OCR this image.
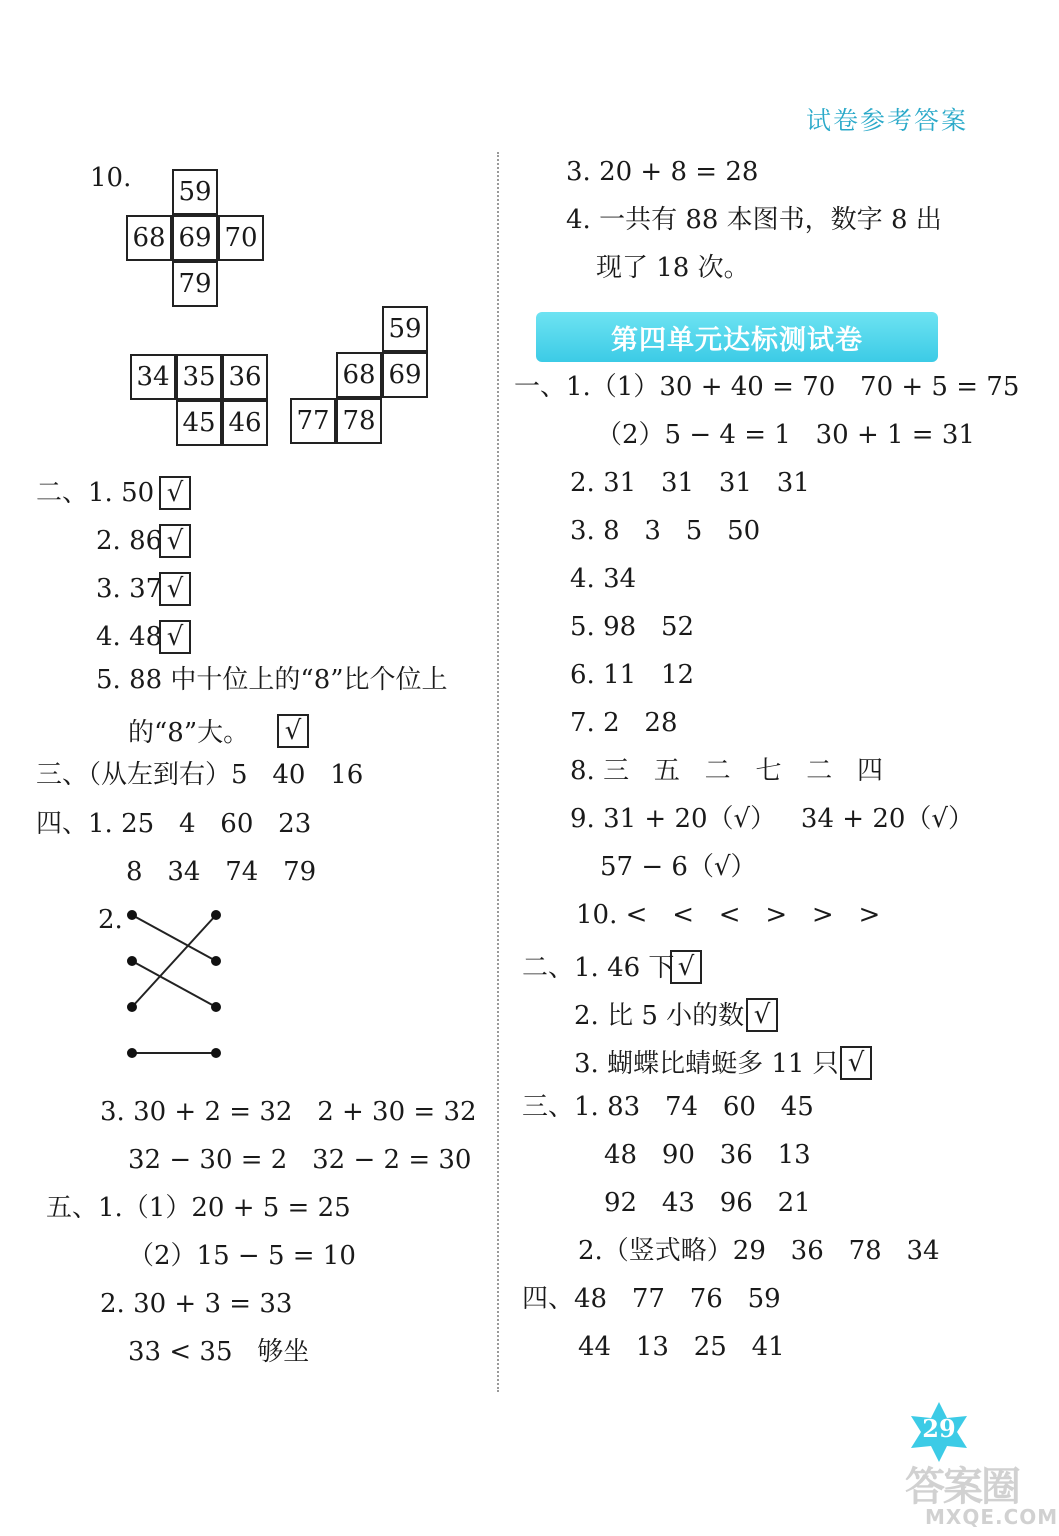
试卷参考答案
10. 59
68 69 70
79
34 35 36
45 46
59
68 69
77 78
二、1. 50 √
2. 86 √
3. 37 √
4. 48 √
5. 88 中十位上的“8”比个位上
的“8”大。 √
三、（从左到右）5   40   16
四、1. 25   4   60   23
8   34   74   79
2.
3. 30 + 2 = 32   2 + 30 = 32
32 − 30 = 2   32 − 2 = 30
五、1.（1）20 + 5 = 25
（2）15 − 5 = 10
2. 30 + 3 = 33
33 < 35   够坐
3. 20 + 8 = 28
4. 一共有 88 本图书，数字 8 出
现了 18 次。
第四单元达标测试卷
一、1.（1）30 + 40 = 70   70 + 5 = 75
（2）5 − 4 = 1   30 + 1 = 31
2. 31   31   31   31
3. 8   3   5   50
4. 34
5. 98   52
6. 11   12
7. 2   28
8. 三   五   二   七   二   四
9. 31 + 20（√）   34 + 20（√）
57 − 6（√）
10. <   <   <   >   >   >
二、1. 46 下 √
2. 比 5 小的数 √
3. 蝴蝶比蜻蜓多 11 只 √
三、1. 83   74   60   45
48   90   36   13
92   43   96   21
2.（竖式略）29   36   78   34
四、48   77   76   59
44   13   25   41
29
答案圈
MXQE.COM
